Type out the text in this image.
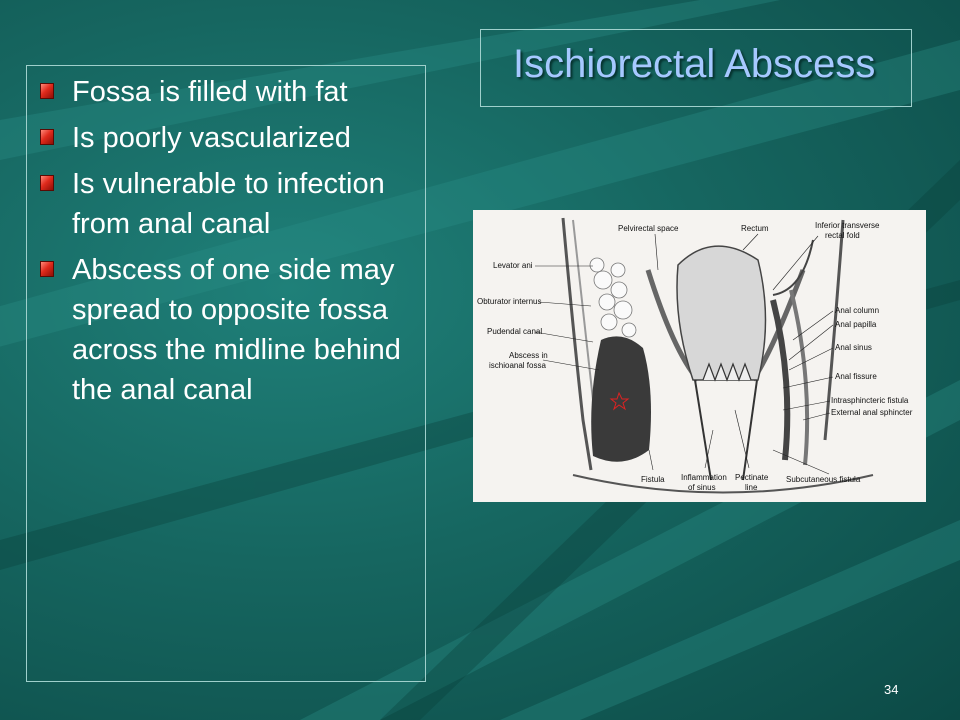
Ischiorectal Abscess
Fossa is filled with fat
Is poorly vascularized
Is vulnerable to infection from anal canal
Abscess of one side may spread to opposite fossa across the midline behind the anal canal
Pelvirectal space	Rectum	Inferior transverse
rectal fold
Levator ani
Obturator internus
Pudendal canal
Abscess in
ischioanal fossa
Anal column
Anal papilla
Anal sinus
Anal fissure
Intrasphincteric fistula
External anal sphincter
Fistula Inflammation
of sinus
Pectinate
line
Subcutaneous fistula
34
